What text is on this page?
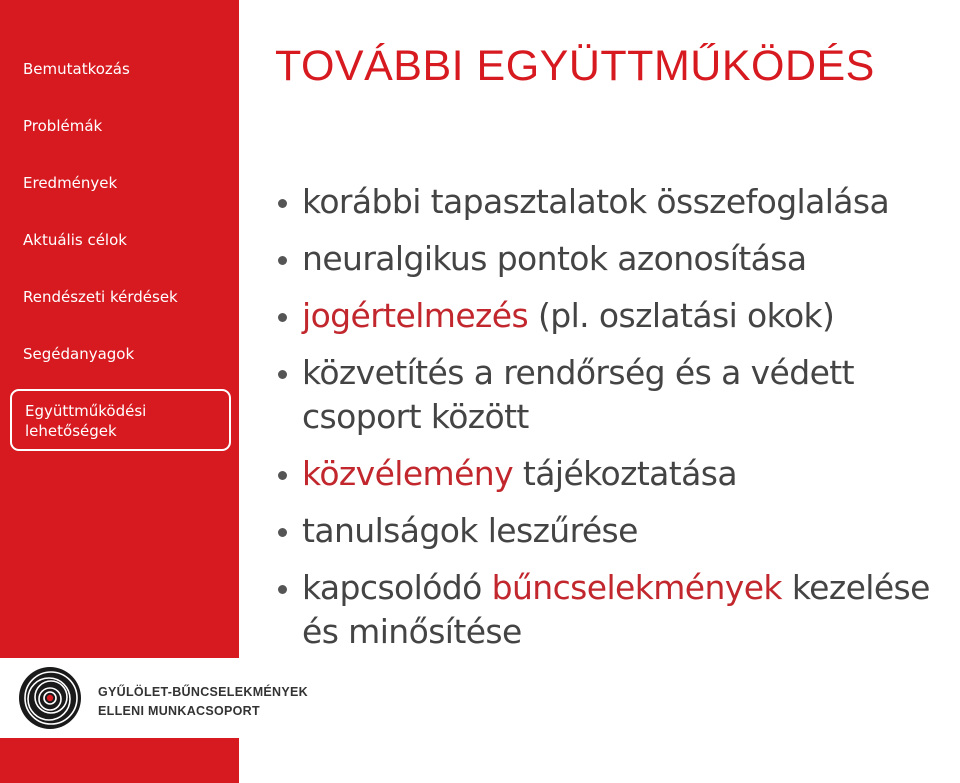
Bemutatkozás
Problémák
Eredmények
Aktuális célok
Rendészeti kérdések
Segédanyagok
Együttműködési
lehetőségek
TOVÁBBI EGYÜTTMŰKÖDÉS
korábbi tapasztalatok összefoglalása
neuralgikus pontok azonosítása
jogértelmezés (pl. oszlatási okok)
közvetítés a rendőrség és a védett
csoport között
közvélemény tájékoztatása
tanulságok leszűrése
kapcsolódó bűncselekmények kezelése
és minősítése
GYŰLÖLET-BŰNCSELEKMÉNYEK
ELLENI MUNKACSOPORT
